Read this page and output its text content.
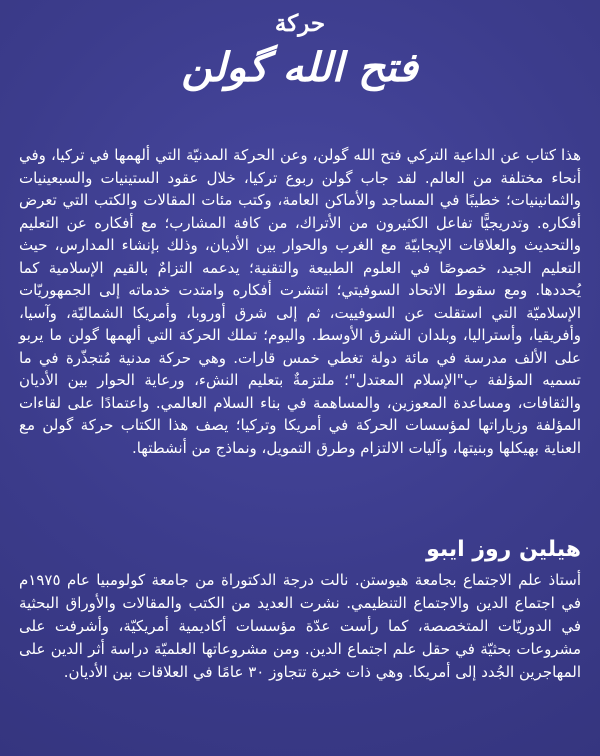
حركة
فتح الله گولن

هذا كتاب عن الداعية التركي فتح الله گولن، وعن الحركة المدنيّة التي ألهمها في تركيا، وفي أنحاء مختلفة من العالم. لقد جاب گولن ربوع تركيا، خلال عقود الستينيات والسبعينيات والثمانينيات؛ خطيبًا في المساجد والأماكن العامة، وكتب مئات المقالات والكتب التي تعرض أفكاره. وتدريجيًّا تفاعل الكثيرون من الأتراك، من كافة المشارب؛ مع أفكاره عن التعليم والتحديث والعلاقات الإيجابيّة مع الغرب والحوار بين الأديان، وذلك بإنشاء المدارس، حيث التعليم الجيد، خصوصًا في العلوم الطبيعة والتقنية؛ يدعمه التزامٌ بالقيم الإسلامية كما يُحددها. ومع سقوط الاتحاد السوفيتي؛ انتشرت أفكاره وامتدت خدماته إلى الجمهوريّات الإسلاميّة التي استقلت عن السوفييت، ثم إلى شرق أوروبا، وأمريكا الشماليّة، وآسيا، وأفريقيا، وأستراليا، وبلدان الشرق الأوسط. واليوم؛ تملك الحركة التي ألهمها گولن ما يربو على الألف مدرسة في مائة دولة تغطي خمس قارات. وهي حركة مدنية مُتجذّرة في ما تسميه المؤلفة ب"الإسلام المعتدل"؛ ملتزمةٌ بتعليم النشء، ورعاية الحوار بين الأديان والثقافات، ومساعدة المعوزين، والمساهمة في بناء السلام العالمي. واعتمادًا على لقاءات المؤلفة وزياراتها لمؤسسات الحركة في أمريكا وتركيا؛ يصف هذا الكتاب حركة گولن مع العناية بهيكلها وبنيتها، وآليات الالتزام وطرق التمويل، ونماذج من أنشطتها.

هيلين روز ايبو

أستاذ علم الاجتماع بجامعة هيوستن. نالت درجة الدكتوراة من جامعة كولومبيا عام ١٩٧٥م في اجتماع الدين والاجتماع التنظيمي. نشرت العديد من الكتب والمقالات والأوراق البحثية في الدوريّات المتخصصة، كما رأست عدّة مؤسسات أكاديمية أمريكيّة، وأشرفت على مشروعات بحثيّة في حقل علم اجتماع الدين. ومن مشروعاتها العلميّة دراسة أثر الدين على المهاجرين الجُدد إلى أمريكا. وهي ذات خبرة تتجاوز ٣٠ عامًا في العلاقات بين الأديان.
